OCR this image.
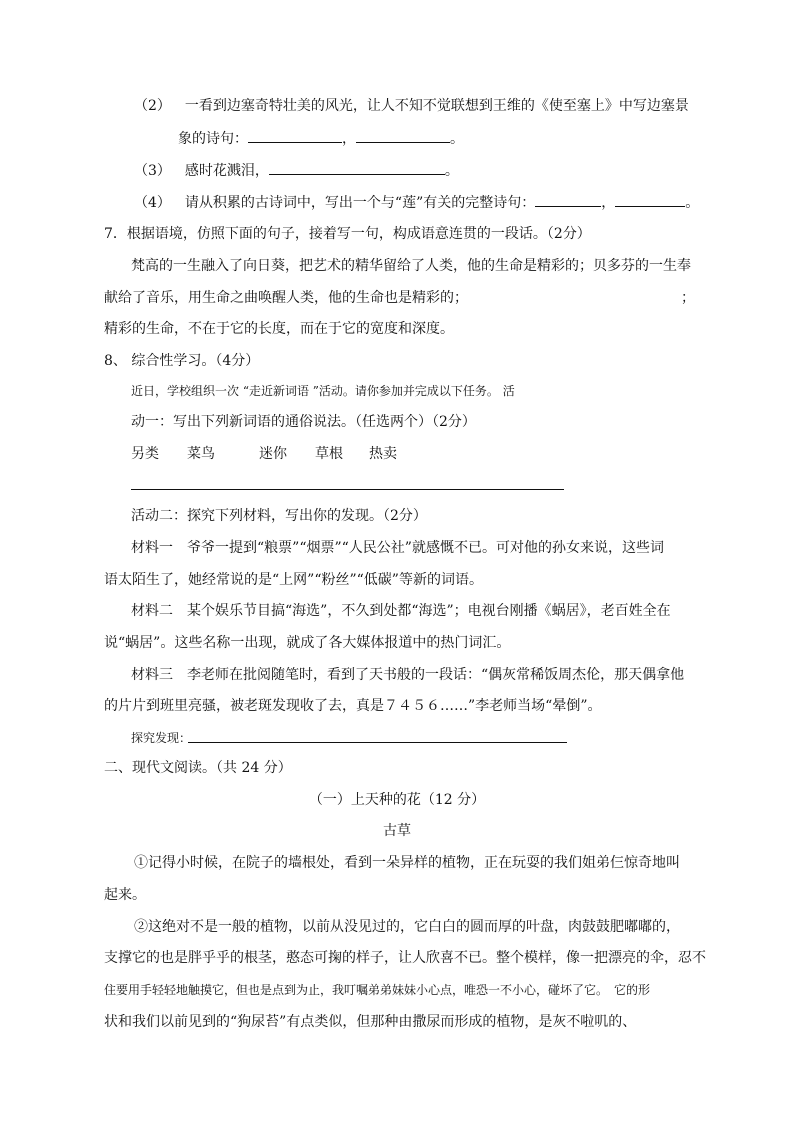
（2） 一看到边塞奇特壮美的风光，让人不知不觉联想到王维的《使至塞上》中写边塞景
象的诗句：	，	。
（3） 感时花溅泪，	。
（4） 请从积累的古诗词中，写出一个与“莲”有关的完整诗句：	，	。
7．根据语境，仿照下面的句子，接着写一句，构成语意连贯的一段话。（2分）
梵高的一生融入了向日葵，把艺术的精华留给了人类，他的生命是精彩的；贝多芬的一生奉
献给了音乐，用生命之曲唤醒人类，他的生命也是精彩的；	；
精彩的生命，不在于它的长度，而在于它的宽度和深度。
8、 综合性学习。（4分）
近日，学校组织一次 “走近新词语 ”活动。请你参加并完成以下任务。 活
动一：写出下列新词语的通俗说法。（任选两个）（2分）
另类 菜鸟	迷你 草根 热卖
活动二：探究下列材料，写出你的发现。（2分）
材料一　爷爷一提到“粮票”“烟票”“人民公社”就感慨不已。可对他的孙女来说，这些词
语太陌生了，她经常说的是“上网”“粉丝”“低碳”等新的词语。
材料二　某个娱乐节目搞“海选”，不久到处都“海选”；电视台刚播《蜗居》，老百姓全在
说“蜗居”。这些名称一出现，就成了各大媒体报道中的热门词汇。
材料三　李老师在批阅随笔时，看到了天书般的一段话：“偶灰常稀饭周杰伦，那天偶拿他
的片片到班里亮骚，被老斑发现收了去，真是７４５６……”李老师当场“晕倒”。
探究发现：
二、现代文阅读。（共 24 分）
（一）上天种的花（12 分）
古草
①记得小时候，在院子的墙根处，看到一朵异样的植物，正在玩耍的我们姐弟仨惊奇地叫
起来。
②这绝对不是一般的植物，以前从没见过的，它白白的圆而厚的叶盘，肉鼓鼓肥嘟嘟的，
支撑它的也是胖乎乎的根茎，憨态可掬的样子，让人欣喜不已。整个模样，像一把漂亮的伞，忍不
住要用手轻轻地触摸它，但也是点到为止，我叮嘱弟弟妹妹小心点，唯恐一不小心，碰坏了它。　它的形
状和我们以前见到的“狗尿苔”有点类似，但那种由撒尿而形成的植物，是灰不啦叽的、
